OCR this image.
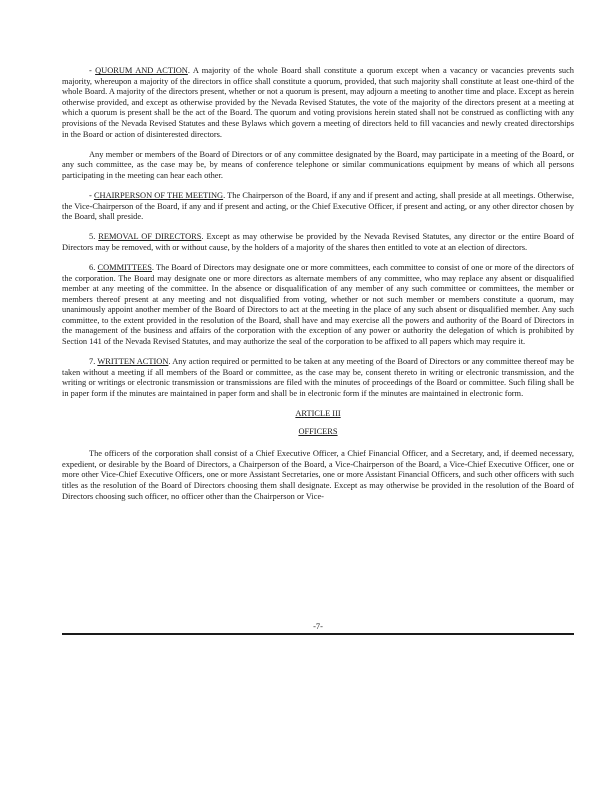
- QUORUM AND ACTION. A majority of the whole Board shall constitute a quorum except when a vacancy or vacancies prevents such majority, whereupon a majority of the directors in office shall constitute a quorum, provided, that such majority shall constitute at least one-third of the whole Board. A majority of the directors present, whether or not a quorum is present, may adjourn a meeting to another time and place. Except as herein otherwise provided, and except as otherwise provided by the Nevada Revised Statutes, the vote of the majority of the directors present at a meeting at which a quorum is present shall be the act of the Board. The quorum and voting provisions herein stated shall not be construed as conflicting with any provisions of the Nevada Revised Statutes and these Bylaws which govern a meeting of directors held to fill vacancies and newly created directorships in the Board or action of disinterested directors.

Any member or members of the Board of Directors or of any committee designated by the Board, may participate in a meeting of the Board, or any such committee, as the case may be, by means of conference telephone or similar communications equipment by means of which all persons participating in the meeting can hear each other.

- CHAIRPERSON OF THE MEETING. The Chairperson of the Board, if any and if present and acting, shall preside at all meetings. Otherwise, the Vice-Chairperson of the Board, if any and if present and acting, or the Chief Executive Officer, if present and acting, or any other director chosen by the Board, shall preside.

5. REMOVAL OF DIRECTORS. Except as may otherwise be provided by the Nevada Revised Statutes, any director or the entire Board of Directors may be removed, with or without cause, by the holders of a majority of the shares then entitled to vote at an election of directors.

6. COMMITTEES. The Board of Directors may designate one or more committees, each committee to consist of one or more of the directors of the corporation. The Board may designate one or more directors as alternate members of any committee, who may replace any absent or disqualified member at any meeting of the committee. In the absence or disqualification of any member of any such committee or committees, the member or members thereof present at any meeting and not disqualified from voting, whether or not such member or members constitute a quorum, may unanimously appoint another member of the Board of Directors to act at the meeting in the place of any such absent or disqualified member. Any such committee, to the extent provided in the resolution of the Board, shall have and may exercise all the powers and authority of the Board of Directors in the management of the business and affairs of the corporation with the exception of any power or authority the delegation of which is prohibited by Section 141 of the Nevada Revised Statutes, and may authorize the seal of the corporation to be affixed to all papers which may require it.

7. WRITTEN ACTION. Any action required or permitted to be taken at any meeting of the Board of Directors or any committee thereof may be taken without a meeting if all members of the Board or committee, as the case may be, consent thereto in writing or electronic transmission, and the writing or writings or electronic transmission or transmissions are filed with the minutes of proceedings of the Board or committee. Such filing shall be in paper form if the minutes are maintained in paper form and shall be in electronic form if the minutes are maintained in electronic form.

ARTICLE III

OFFICERS

The officers of the corporation shall consist of a Chief Executive Officer, a Chief Financial Officer, and a Secretary, and, if deemed necessary, expedient, or desirable by the Board of Directors, a Chairperson of the Board, a Vice-Chairperson of the Board, a Vice-Chief Executive Officer, one or more other Vice-Chief Executive Officers, one or more Assistant Secretaries, one or more Assistant Financial Officers, and such other officers with such titles as the resolution of the Board of Directors choosing them shall designate. Except as may otherwise be provided in the resolution of the Board of Directors choosing such officer, no officer other than the Chairperson or Vice-

-7-
